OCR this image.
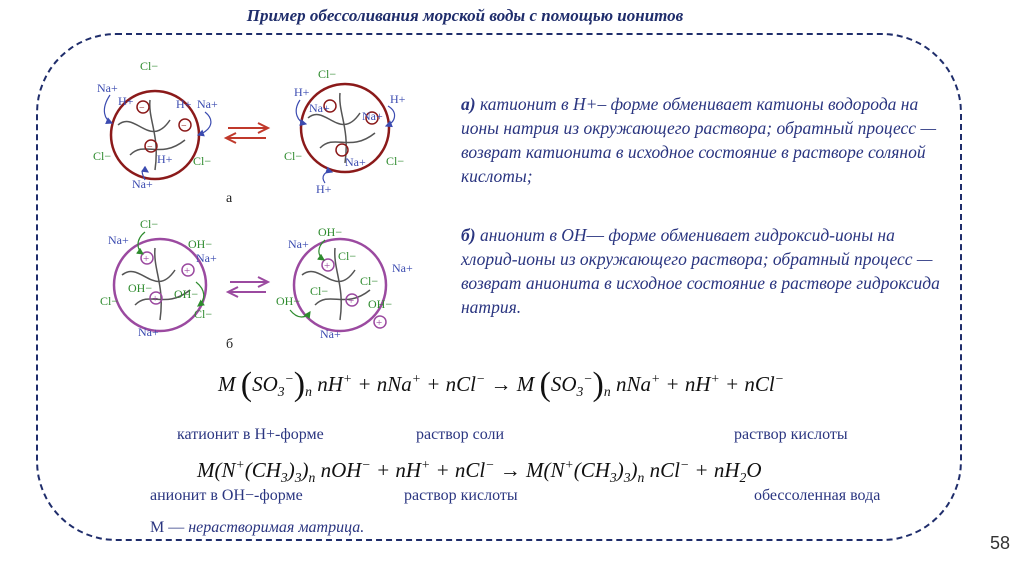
Пример обессоливания морской воды с помощью ионитов
−
−
−
Cl−
Na+
H+	H+ Na+
Cl−	H+ Cl−
Na+
Cl−
H+
Na+
Na+
H+
Cl−	Na+ Cl−
H+
а
+
+
+
Cl−
Na+	OH−
Na+
OH− OH−
Cl−
Cl−
Na+
+
+
+
OH−
Na+
Cl−
Na+
Cl−
Cl−
OH−	OH−
Na+
б
а) катионит в H+– форме обменивает катионы водорода на ионы натрия из окружающего раствора; обратный процесс — возврат катионита в исходное состояние в растворе соляной кислоты;
б) анионит в OH–– форме обменивает гидроксид-ионы на хлорид-ионы из окружающего раствора; обратный процесс — возврат анионита в исходное состояние в растворе гидроксида натрия.
M $(SO_3^-)_n$ nH+ + nNa+ + nCl− → M $(SO_3^-)_n$ nNa+ + nH+ + nCl−
катионит в H+-форме	раствор соли	раствор кислоты
$M(N^+(CH_3)_3)_n$ $nOH^- + nH^+ + nCl^- \to M(N^+(CH_3)_3)_n$ $nCl^- + nH_2O$
анионит в OH−-форме	раствор кислоты	обессоленная вода
М — нерастворимая матрица.
58
